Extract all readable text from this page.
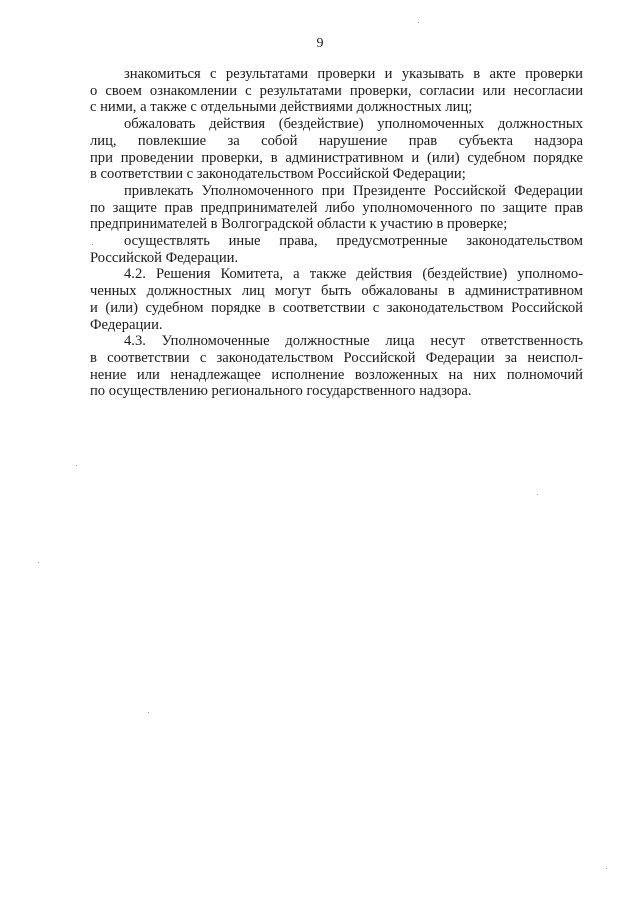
9
знакомиться с результатами проверки и указывать в акте проверки
о своем ознакомлении с результатами проверки, согласии или несогласии
с ними, а также с отдельными действиями должностных лиц;
обжаловать действия (бездействие) уполномоченных должностных
лиц, повлекшие за собой нарушение прав субъекта надзора
при проведении проверки, в административном и (или) судебном порядке
в соответствии с законодательством Российской Федерации;
привлекать Уполномоченного при Президенте Российской Федерации
по защите прав предпринимателей либо уполномоченного по защите прав
предпринимателей в Волгоградской области к участию в проверке;
осуществлять иные права, предусмотренные законодательством
Российской Федерации.
4.2. Решения Комитета, а также действия (бездействие) уполномо-
ченных должностных лиц могут быть обжалованы в административном
и (или) судебном порядке в соответствии с законодательством Российской
Федерации.
4.3. Уполномоченные должностные лица несут ответственность
в соответствии с законодательством Российской Федерации за неиспол-
нение или ненадлежащее исполнение возложенных на них полномочий
по осуществлению регионального государственного надзора.
